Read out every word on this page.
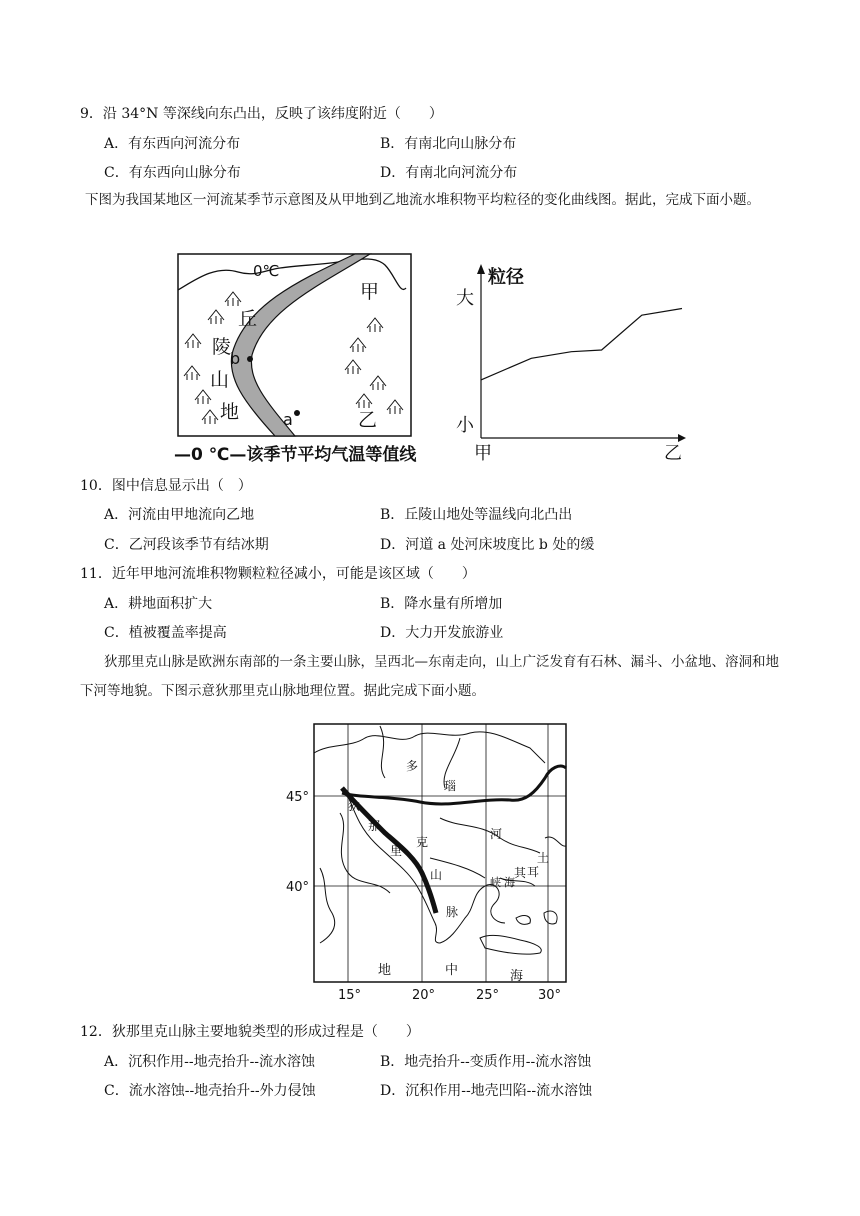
9．沿 34°N 等深线向东凸出，反映了该纬度附近（　　）
A．有东西向河流分布	B．有南北向山脉分布
C．有东西向山脉分布	D．有南北向河流分布
下图为我国某地区一河流某季节示意图及从甲地到乙地流水堆积物平均粒径的变化曲线图。据此，完成下面小题。
0℃
丘
陵
山
地
甲
乙
b
a
—0 ℃—该季节平均气温等值线
粒径
大
小
甲	乙
10．图中信息显示出（　）
A．河流由甲地流向乙地	B．丘陵山地处等温线向北凸出
C．乙河段该季节有结冰期	D．河道 a 处河床坡度比 b 处的缓
11．近年甲地河流堆积物颗粒粒径减小，可能是该区域（　　）
A．耕地面积扩大	B．降水量有所增加
C．植被覆盖率提高	D．大力开发旅游业
狄那里克山脉是欧洲东南部的一条主要山脉，呈西北—东南走向，山上广泛发育有石林、漏斗、小盆地、溶洞和地下河等地貌。下图示意狄那里克山脉地理位置。据此完成下面小题。
45°
40°
15°	20°	25°	30°
多
瑙
河
狄
那
里
克
山
脉
土
其 耳
峡 海
地	中	海
12．狄那里克山脉主要地貌类型的形成过程是（　　）
A．沉积作用--地壳抬升--流水溶蚀	B．地壳抬升--变质作用--流水溶蚀
C．流水溶蚀--地壳抬升--外力侵蚀	D．沉积作用--地壳凹陷--流水溶蚀
